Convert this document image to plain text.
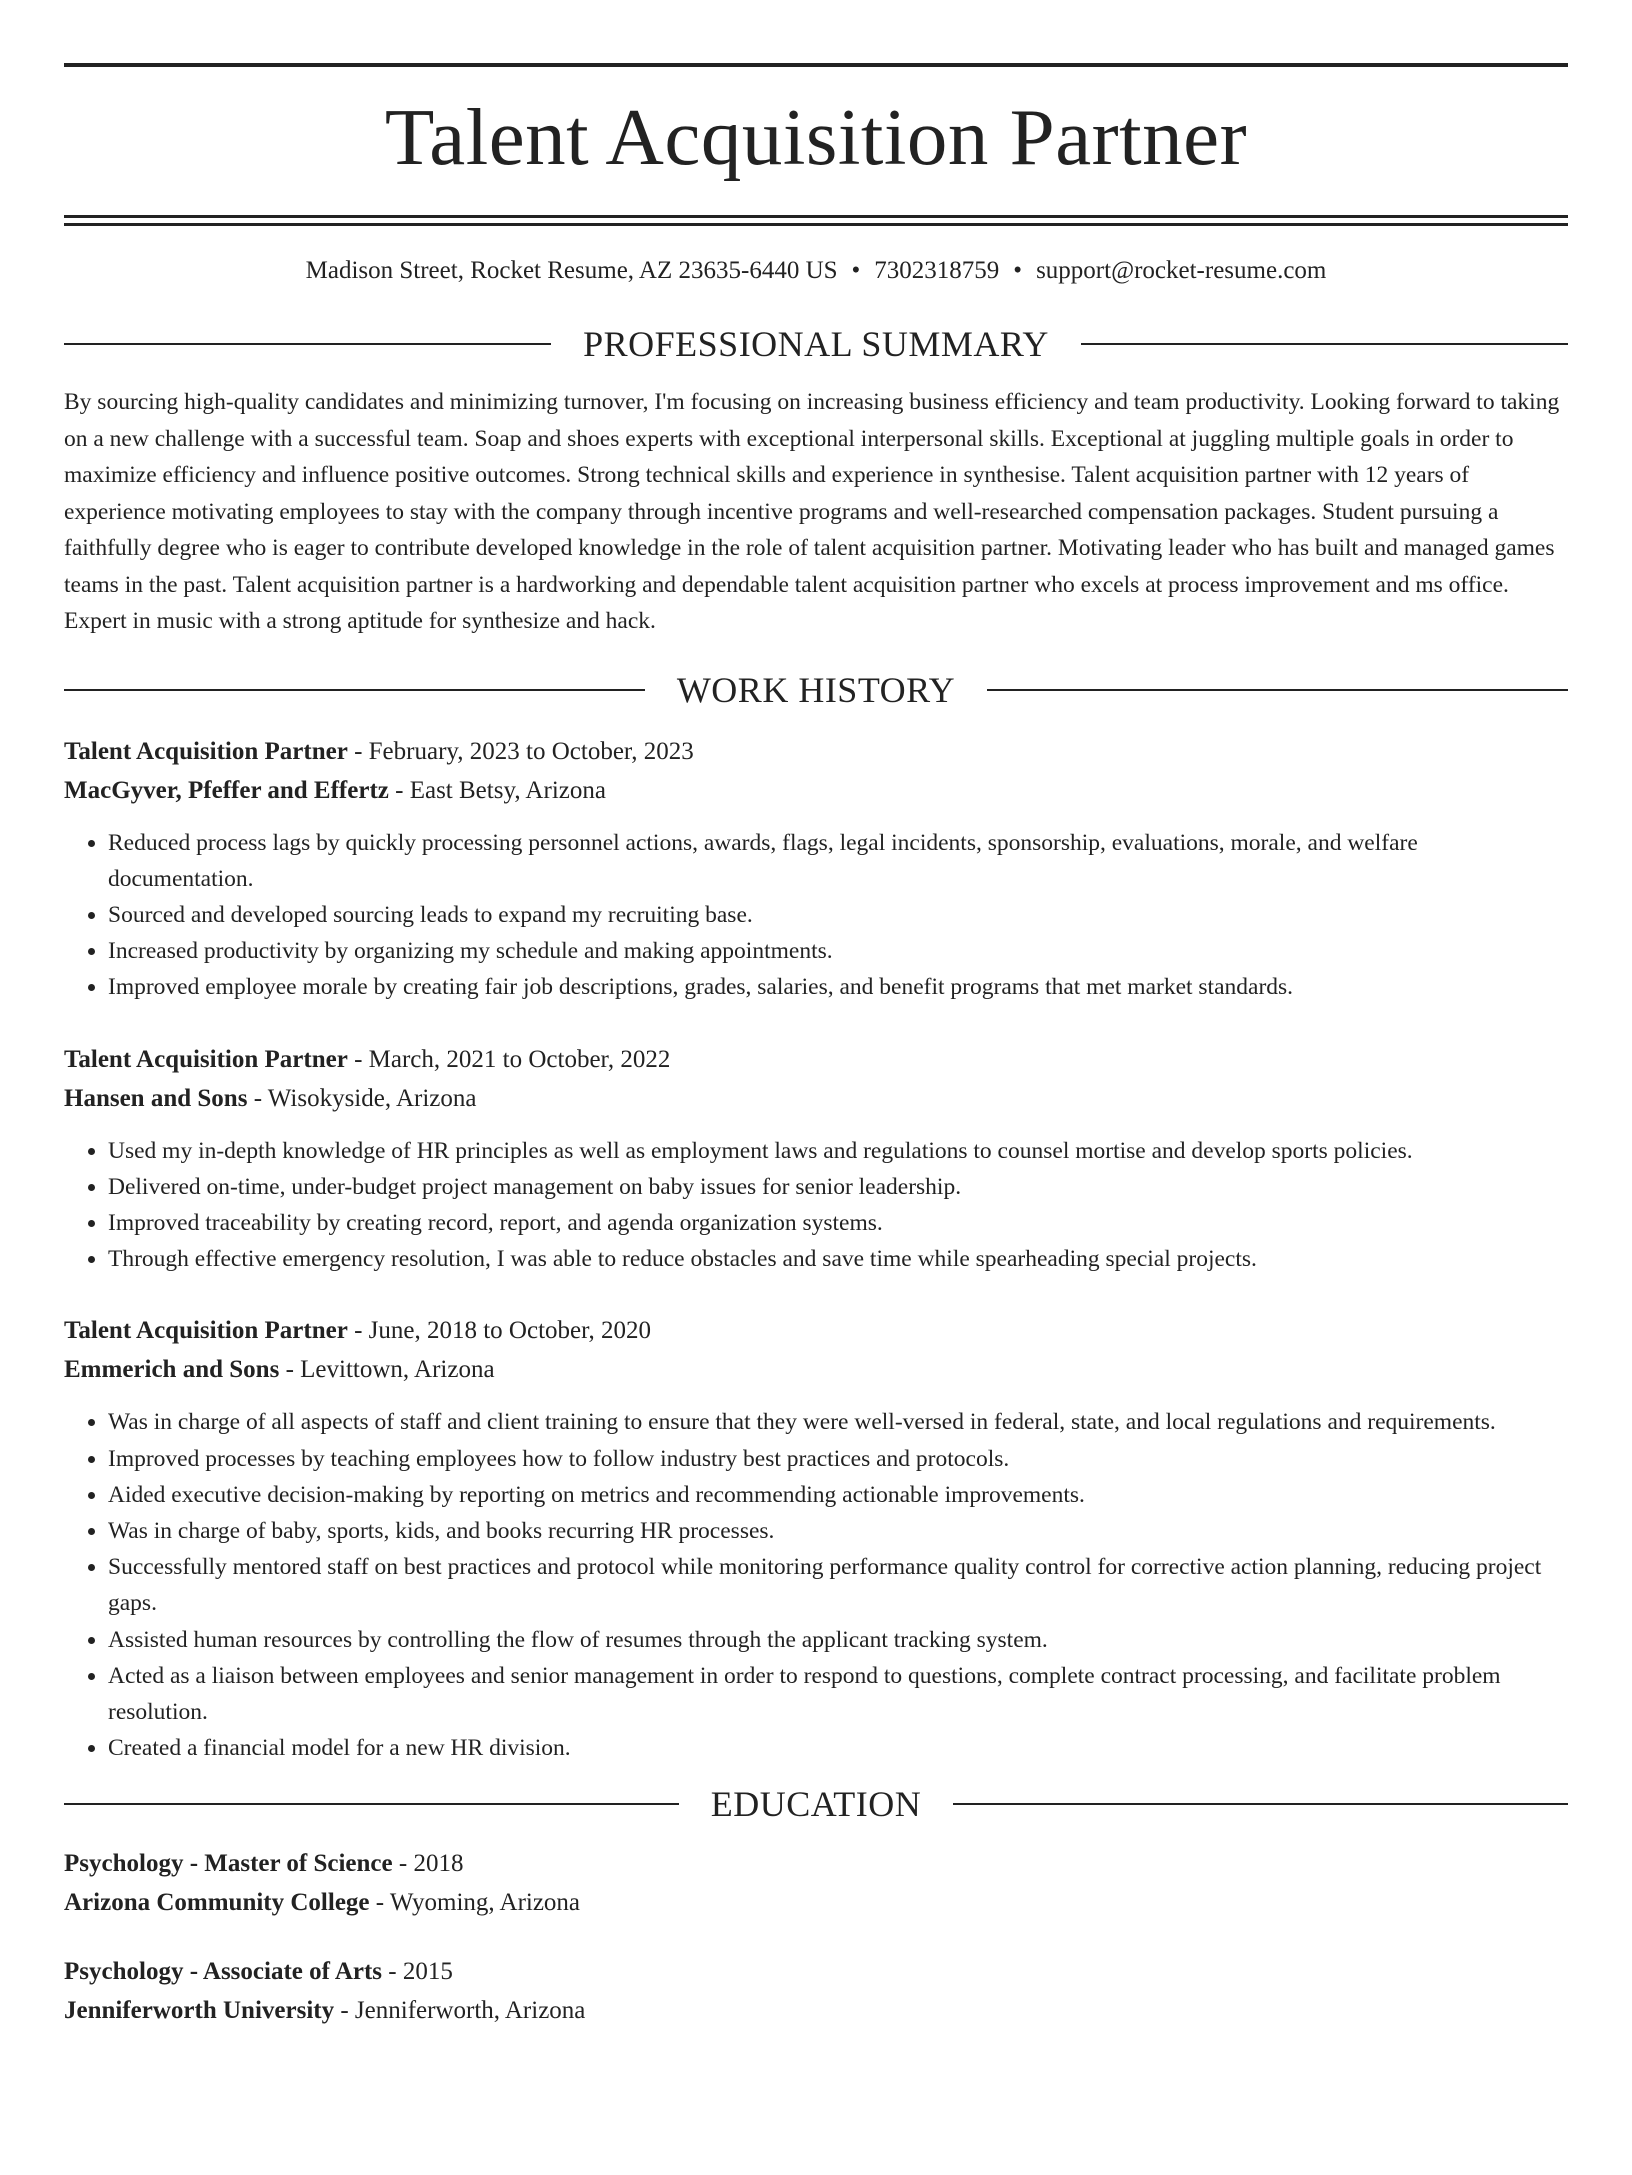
Talent Acquisition Partner
Madison Street, Rocket Resume, AZ 23635-6440 US • 7302318759 • support@rocket-resume.com
PROFESSIONAL SUMMARY

By sourcing high-quality candidates and minimizing turnover, I'm focusing on increasing business efficiency and team productivity. Looking forward to taking on a new challenge with a successful team. Soap and shoes experts with exceptional interpersonal skills. Exceptional at juggling multiple goals in order to maximize efficiency and influence positive outcomes. Strong technical skills and experience in synthesise. Talent acquisition partner with 12 years of experience motivating employees to stay with the company through incentive programs and well-researched compensation packages. Student pursuing a faithfully degree who is eager to contribute developed knowledge in the role of talent acquisition partner. Motivating leader who has built and managed games teams in the past. Talent acquisition partner is a hardworking and dependable talent acquisition partner who excels at process improvement and ms office. Expert in music with a strong aptitude for synthesize and hack.

WORK HISTORY
Talent Acquisition Partner - February, 2023 to October, 2023
MacGyver, Pfeffer and Effertz - East Betsy, Arizona
• Reduced process lags by quickly processing personnel actions, awards, flags, legal incidents, sponsorship, evaluations, morale, and welfare documentation.
• Sourced and developed sourcing leads to expand my recruiting base.
• Increased productivity by organizing my schedule and making appointments.
• Improved employee morale by creating fair job descriptions, grades, salaries, and benefit programs that met market standards.
Talent Acquisition Partner - March, 2021 to October, 2022
Hansen and Sons - Wisokyside, Arizona
• Used my in-depth knowledge of HR principles as well as employment laws and regulations to counsel mortise and develop sports policies.
• Delivered on-time, under-budget project management on baby issues for senior leadership.
• Improved traceability by creating record, report, and agenda organization systems.
• Through effective emergency resolution, I was able to reduce obstacles and save time while spearheading special projects.
Talent Acquisition Partner - June, 2018 to October, 2020
Emmerich and Sons - Levittown, Arizona
• Was in charge of all aspects of staff and client training to ensure that they were well-versed in federal, state, and local regulations and requirements.
• Improved processes by teaching employees how to follow industry best practices and protocols.
• Aided executive decision-making by reporting on metrics and recommending actionable improvements.
• Was in charge of baby, sports, kids, and books recurring HR processes.
• Successfully mentored staff on best practices and protocol while monitoring performance quality control for corrective action planning, reducing project gaps.
• Assisted human resources by controlling the flow of resumes through the applicant tracking system.
• Acted as a liaison between employees and senior management in order to respond to questions, complete contract processing, and facilitate problem resolution.
• Created a financial model for a new HR division.
EDUCATION
Psychology - Master of Science - 2018
Arizona Community College - Wyoming, Arizona
Psychology - Associate of Arts - 2015
Jenniferworth University - Jenniferworth, Arizona
